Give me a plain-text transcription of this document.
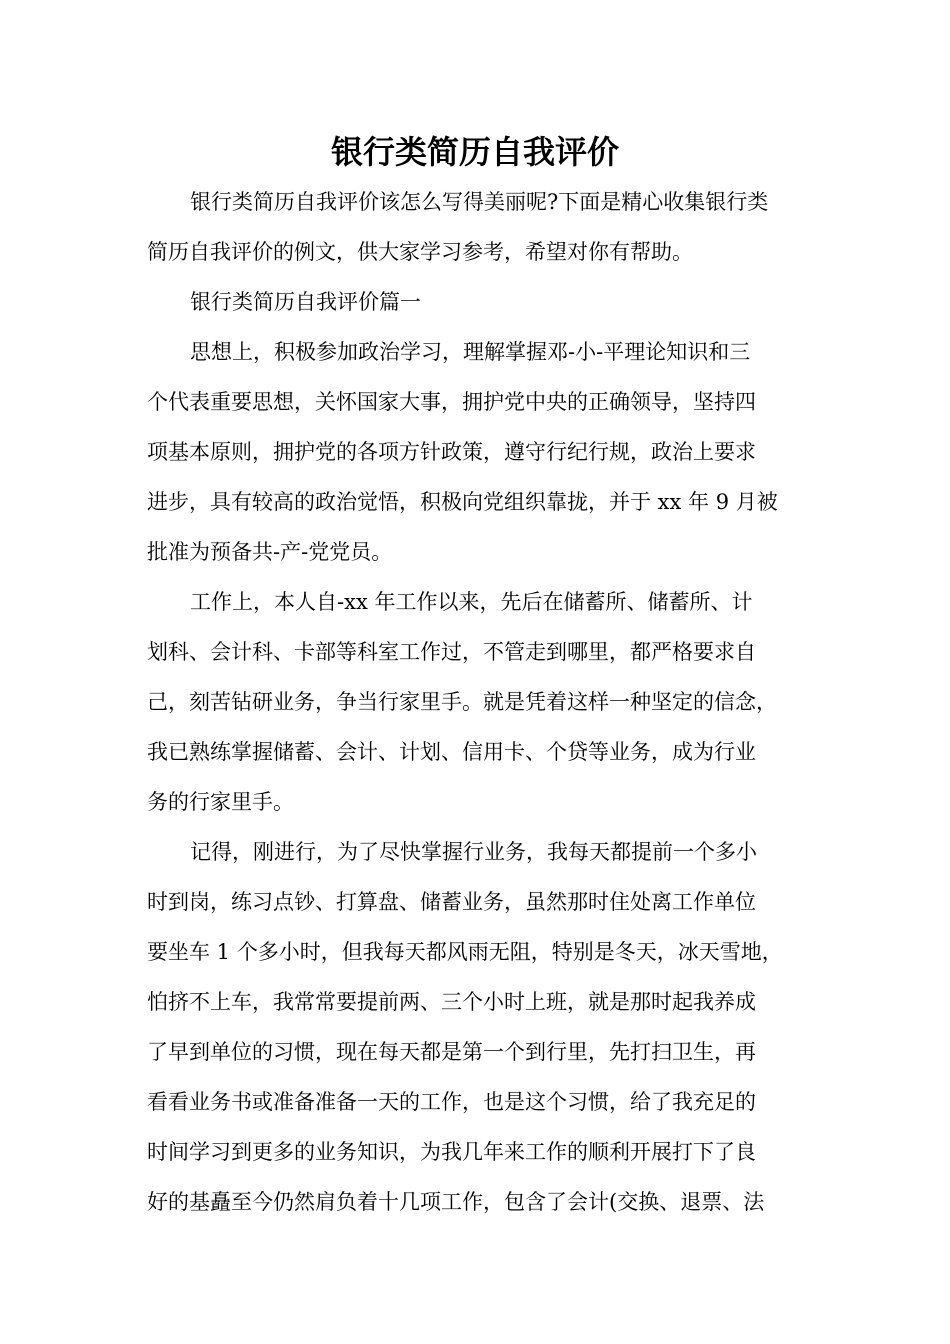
银行类简历自我评价
银行类简历自我评价该怎么写得美丽呢?下面是精心收集银行类
简历自我评价的例文，供大家学习参考，希望对你有帮助。
银行类简历自我评价篇一
思想上，积极参加政治学习，理解掌握邓-小-平理论知识和三
个代表重要思想，关怀国家大事，拥护党中央的正确领导，坚持四
项基本原则，拥护党的各项方针政策，遵守行纪行规，政治上要求
进步，具有较高的政治觉悟，积极向党组织靠拢，并于 xx 年 9 月被
批准为预备共-产-党党员。
工作上，本人自-xx 年工作以来，先后在储蓄所、储蓄所、计
划科、会计科、卡部等科室工作过，不管走到哪里，都严格要求自
己，刻苦钻研业务，争当行家里手。就是凭着这样一种坚定的信念，
我已熟练掌握储蓄、会计、计划、信用卡、个贷等业务，成为行业
务的行家里手。
记得，刚进行，为了尽快掌握行业务，我每天都提前一个多小
时到岗，练习点钞、打算盘、储蓄业务，虽然那时住处离工作单位
要坐车 1 个多小时，但我每天都风雨无阻，特别是冬天，冰天雪地，
怕挤不上车，我常常要提前两、三个小时上班，就是那时起我养成
了早到单位的习惯，现在每天都是第一个到行里，先打扫卫生，再
看看业务书或准备准备一天的工作，也是这个习惯，给了我充足的
时间学习到更多的业务知识，为我几年来工作的顺利开展打下了良
好的基矗至今仍然肩负着十几项工作，包含了会计(交换、退票、法
